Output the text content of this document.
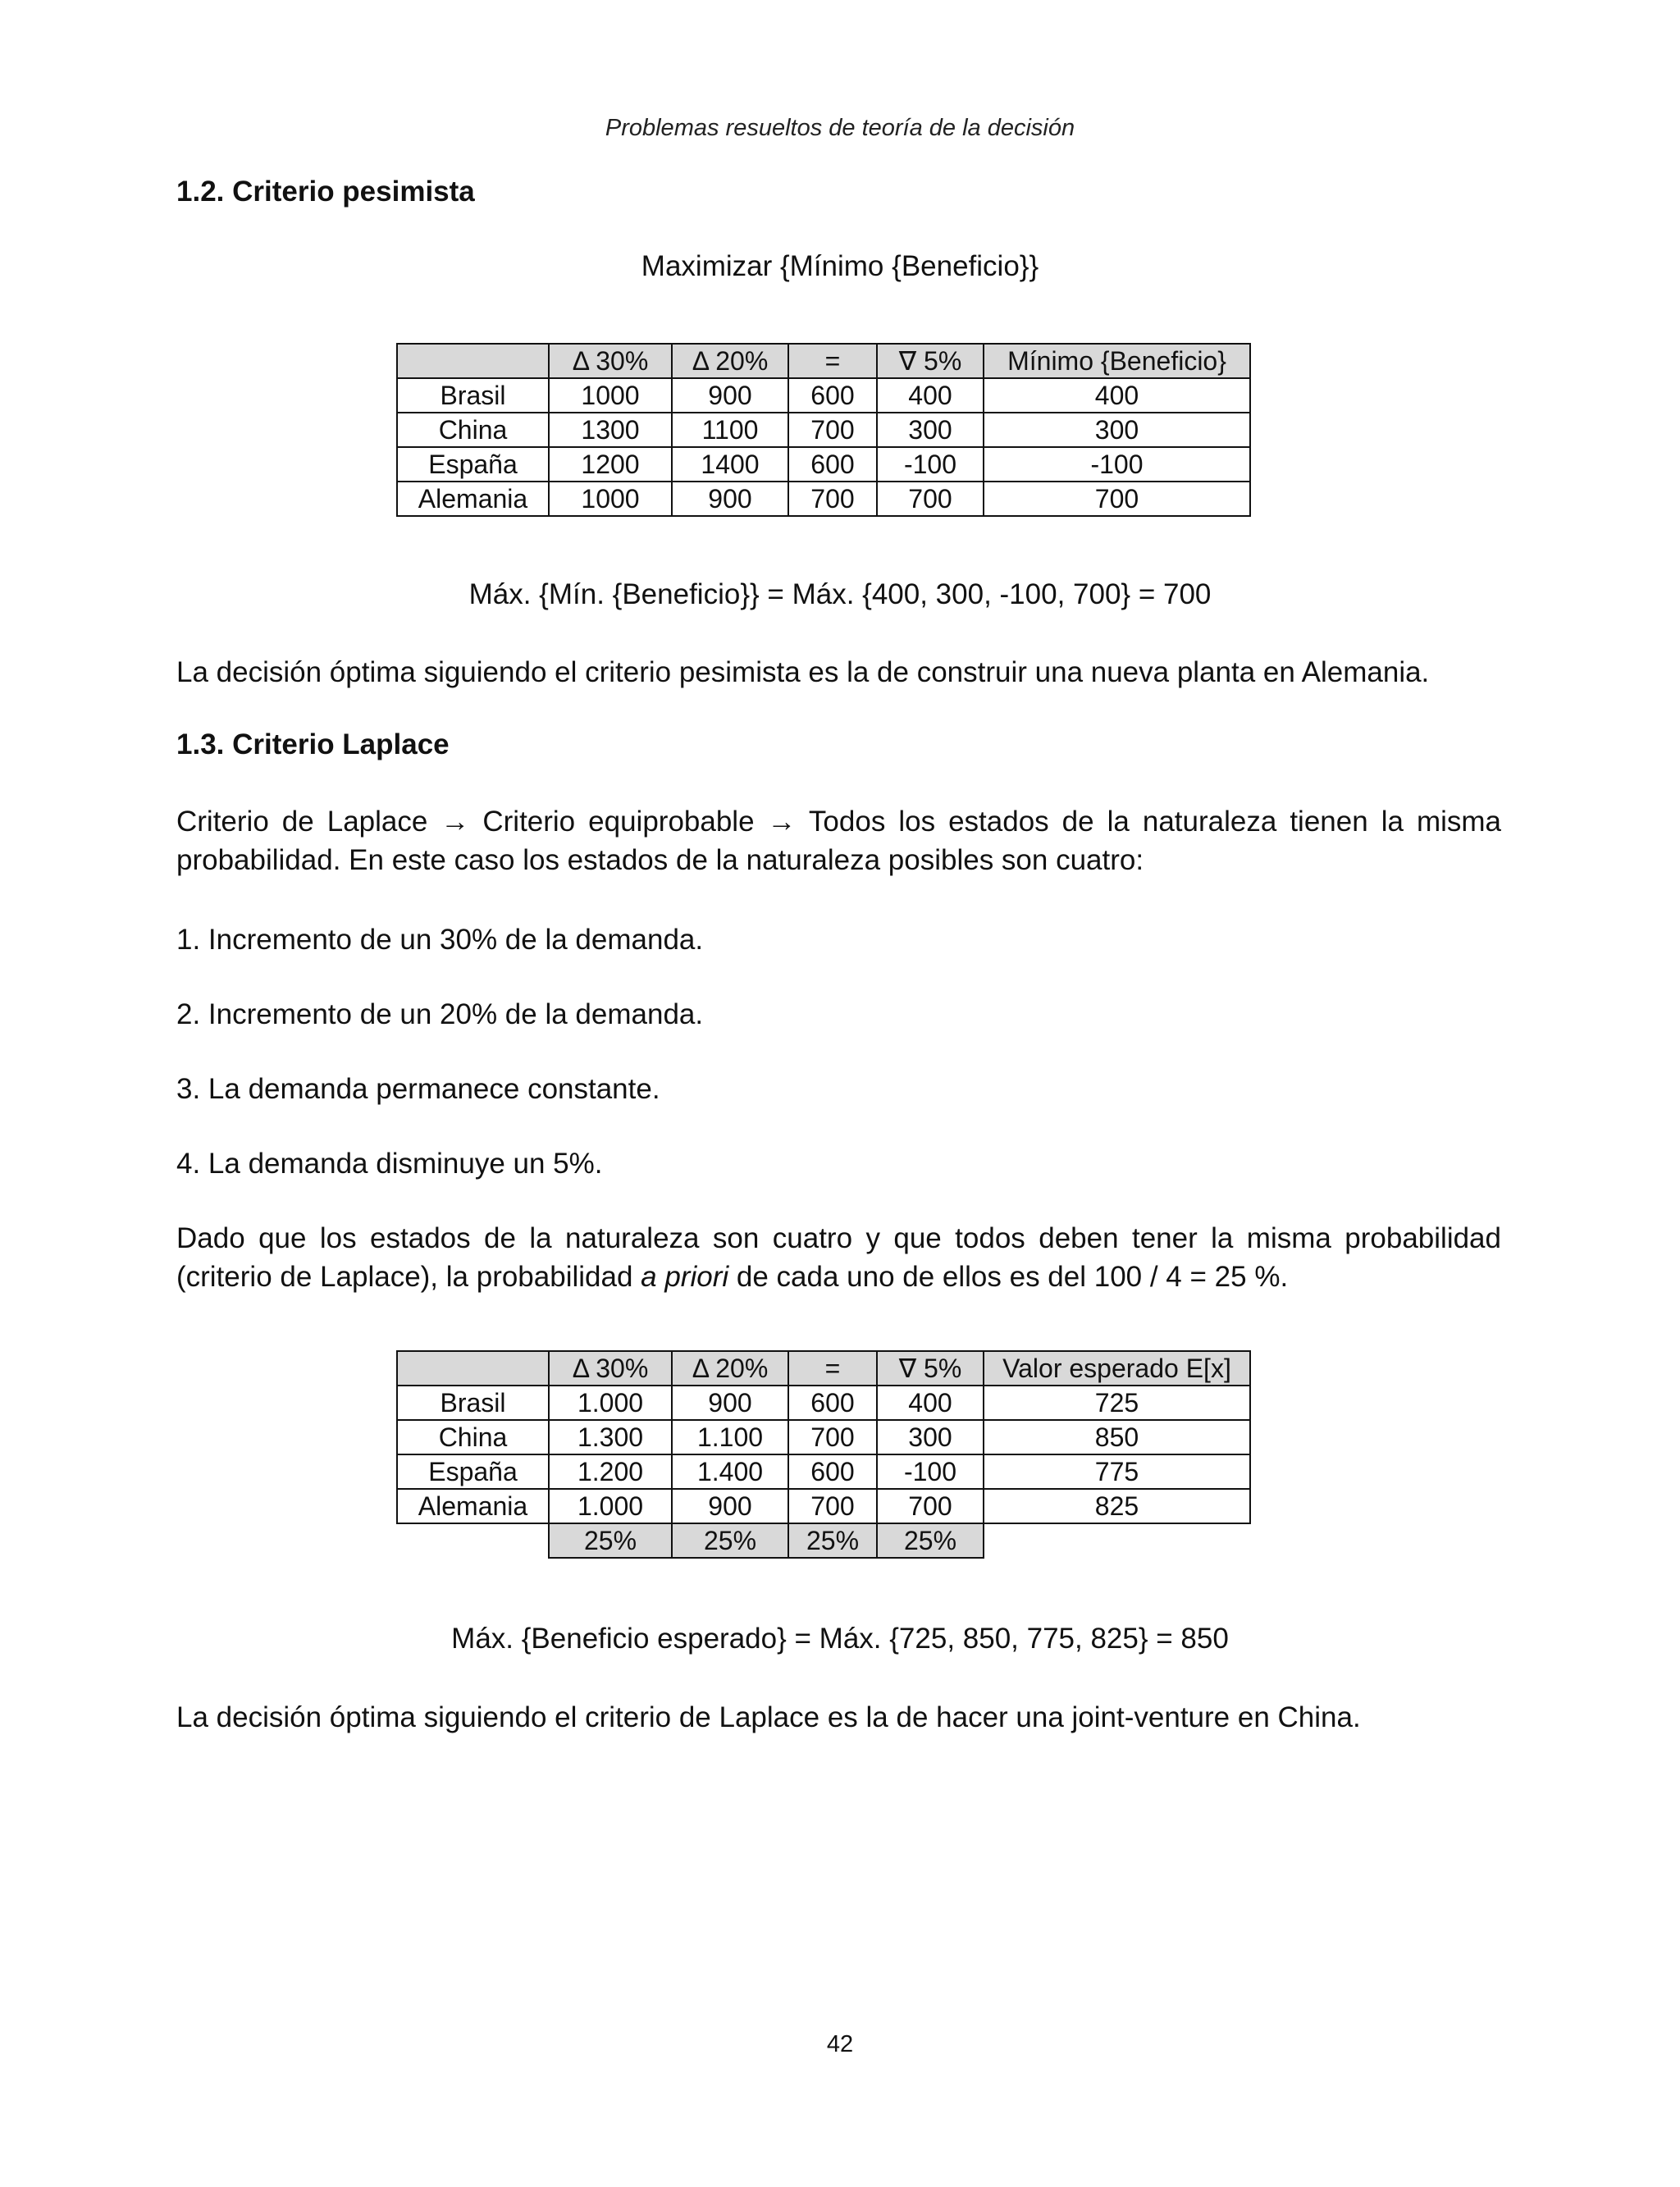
Problemas resueltos de teoría de la decisión
1.2. Criterio pesimista
Maximizar {Mínimo {Beneficio}}
	Δ 30%	Δ 20%	=	∇ 5%	Mínimo {Beneficio}
Brasil	1000	900	600	400	400
China	1300	1100	700	300	300
España	1200	1400	600	-100	-100
Alemania	1000	900	700	700	700
Máx. {Mín. {Beneficio}} = Máx. {400, 300, -100, 700} = 700
La decisión óptima siguiendo el criterio pesimista es la de construir una nueva planta en Alemania.
1.3. Criterio Laplace
Criterio de Laplace → Criterio equiprobable → Todos los estados de la naturaleza tienen la misma
probabilidad. En este caso los estados de la naturaleza posibles son cuatro:
1. Incremento de un 30% de la demanda.
2. Incremento de un 20% de la demanda.
3. La demanda permanece constante.
4. La demanda disminuye un 5%.
Dado que los estados de la naturaleza son cuatro y que todos deben tener la misma probabilidad
(criterio de Laplace), la probabilidad a priori de cada uno de ellos es del 100 / 4 = 25 %.
	Δ 30%	Δ 20%	=	∇ 5%	Valor esperado E[x]
Brasil	1.000	900	600	400	725
China	1.300	1.100	700	300	850
España	1.200	1.400	600	-100	775
Alemania	1.000	900	700	700	825
	25%	25%	25%	25%	
Máx. {Beneficio esperado} = Máx. {725, 850, 775, 825} = 850
La decisión óptima siguiendo el criterio de Laplace es la de hacer una joint-venture en China.
42
